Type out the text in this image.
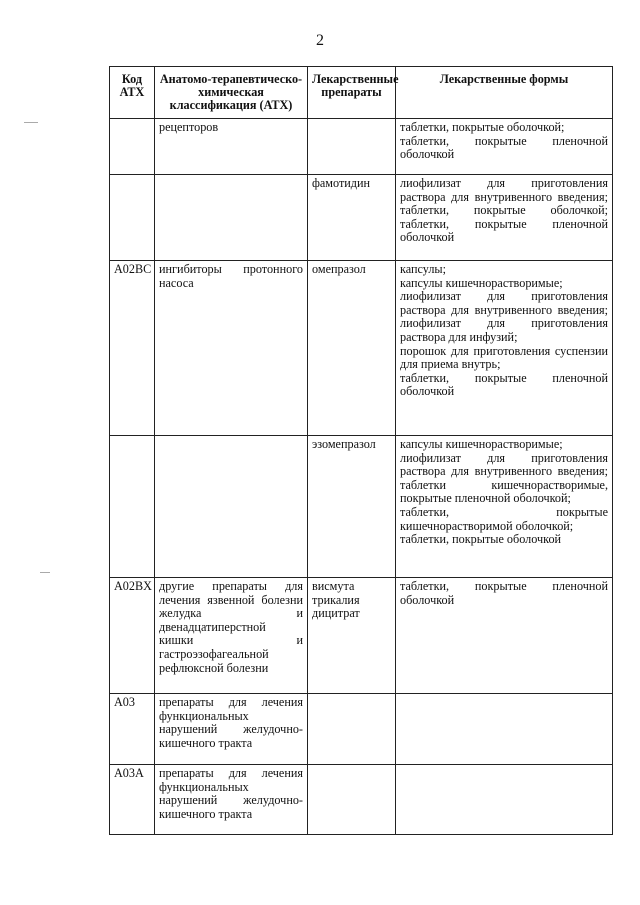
2
Код АТХ	Анатомо-терапевтическо-химическая классификация (АТХ)	Лекарственные препараты	Лекарственные формы
	рецепторов		таблетки, покрытые оболочкой;
таблетки, покрытые пленочной оболочкой

		фамотидин	лиофилизат для приготовления раствора для внутривенного введения; таблетки, покрытые оболочкой; таблетки, покрытые пленочной оболочкой

A02BC	ингибиторы протонного насоса	омепразол	капсулы;
капсулы кишечнорастворимые;
лиофилизат для приготовления раствора для внутривенного введения; лиофилизат для приготовления раствора для инфузий;
порошок для приготовления суспензии для приема внутрь;
таблетки, покрытые пленочной оболочкой

		эзомепразол	капсулы кишечнорастворимые;
лиофилизат для приготовления раствора для внутривенного введения; таблетки кишечнорастворимые, покрытые пленочной оболочкой;
таблетки, покрытые кишечнорастворимой оболочкой;
таблетки, покрытые оболочкой

A02BX	другие препараты для лечения язвенной болезни желудка и двенадцатиперстной кишки и гастроэзофагеальной рефлюксной болезни	висмута трикалия дицитрат	таблетки, покрытые пленочной оболочкой

A03	препараты для лечения функциональных нарушений желудочно-кишечного тракта		
A03A	препараты для лечения функциональных нарушений желудочно-кишечного тракта		
